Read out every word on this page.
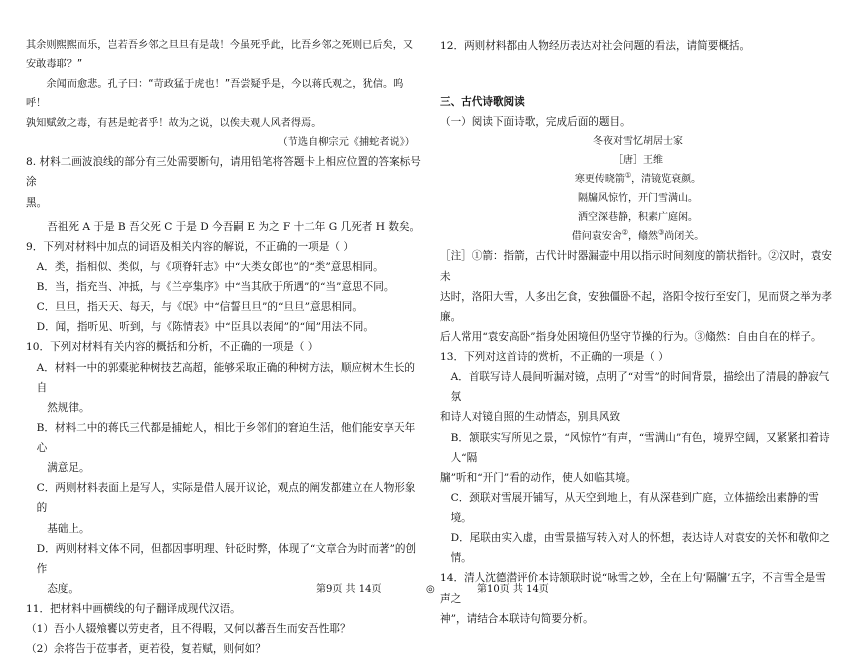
其余则熙熙而乐，岂若吾乡邻之旦旦有是哉！今虽死乎此，比吾乡邻之死则已后矣，又

安敢毒耶？”

余闻而愈悲。孔子曰：“苛政猛于虎也！”吾尝疑乎是，今以蒋氏观之，犹信。呜呼！

孰知赋敛之毒，有甚是蛇者乎！故为之说，以俟夫观人风者得焉。

（节选自柳宗元《捕蛇者说》）

8. 材料二画波浪线的部分有三处需要断句，请用铅笔将答题卡上相应位置的答案标号涂

黑。

吾祖死 A 于是 B 吾父死 C 于是 D 今吾嗣 E 为之 F 十二年 G 几死者 H 数矣。

9．下列对材料中加点的词语及相关内容的解说，不正确的一项是（ ）

A．类，指相似、类似，与《项脊轩志》中“大类女郎也”的“类”意思相同。

B．当，指充当、冲抵，与《兰亭集序》中“当其欣于所遇”的“当”意思不同。

C．旦旦，指天天、每天，与《氓》中“信誓旦旦”的“旦旦”意思相同。

D．闻，指听见、听到，与《陈情表》中“臣具以表闻”的“闻”用法不同。

10．下列对材料有关内容的概括和分析，不正确的一项是（ ）

A．材料一中的郭橐驼种树技艺高超，能够采取正确的种树方法，顺应树木生长的自

然规律。

B．材料二中的蒋氏三代都是捕蛇人，相比于乡邻们的窘迫生活，他们能安享天年心

满意足。

C．两则材料表面上是写人，实际是借人展开议论，观点的阐发都建立在人物形象的

基础上。

D．两则材料文体不同，但都因事明理、针砭时弊，体现了“文章合为时而著”的创作

态度。

11．把材料中画横线的句子翻译成现代汉语。

（1）吾小人辍飧饔以劳吏者，且不得暇，又何以蕃吾生而安吾性耶？

（2）余将告于莅事者，更若役，复若赋，则何如？

12．两则材料都由人物经历表达对社会问题的看法，请简要概括。

三、古代诗歌阅读

（一）阅读下面诗歌，完成后面的题目。

冬夜对雪忆胡居士家

［唐］王维

寒更传晓箭①，清镜览衰颜。

隔牖风惊竹，开门雪满山。

洒空深巷静，积素广庭闲。

借问袁安舍②，翛然③尚闭关。

［注］①箭：指箭，古代计时器漏壶中用以指示时间刻度的箭状指针。②汉时，袁安未

达时，洛阳大雪，人多出乞食，安独僵卧不起，洛阳令按行至安门，见而贤之举为孝廉。

后人常用“袁安高卧”指身处困境但仍坚守节操的行为。③翛然：自由自在的样子。

13．下列对这首诗的赏析，不正确的一项是（ ）

A．首联写诗人晨间听漏对镜，点明了“对雪”的时间背景，描绘出了清晨的静寂气氛

和诗人对镜自照的生动情态，别具风致

B．颔联实写所见之景，“风惊竹”有声，“雪满山”有色，境界空阔，又紧紧扣着诗人“隔

牖”听和“开门”看的动作，使人如临其境。

C．颈联对雪展开铺写，从天空到地上，有从深巷到广庭，立体描绘出素静的雪境。

D．尾联由实入虚，由雪景描写转入对人的怀想，表达诗人对袁安的关怀和敬仰之情。

14．清人沈德潜评价本诗颔联时说“咏雪之妙，全在上句‘隔牖’五字，不言雪全是雪声之

神”，请结合本联诗句简要分析。

第9页 共 14页	◎	第10页 共 14页
